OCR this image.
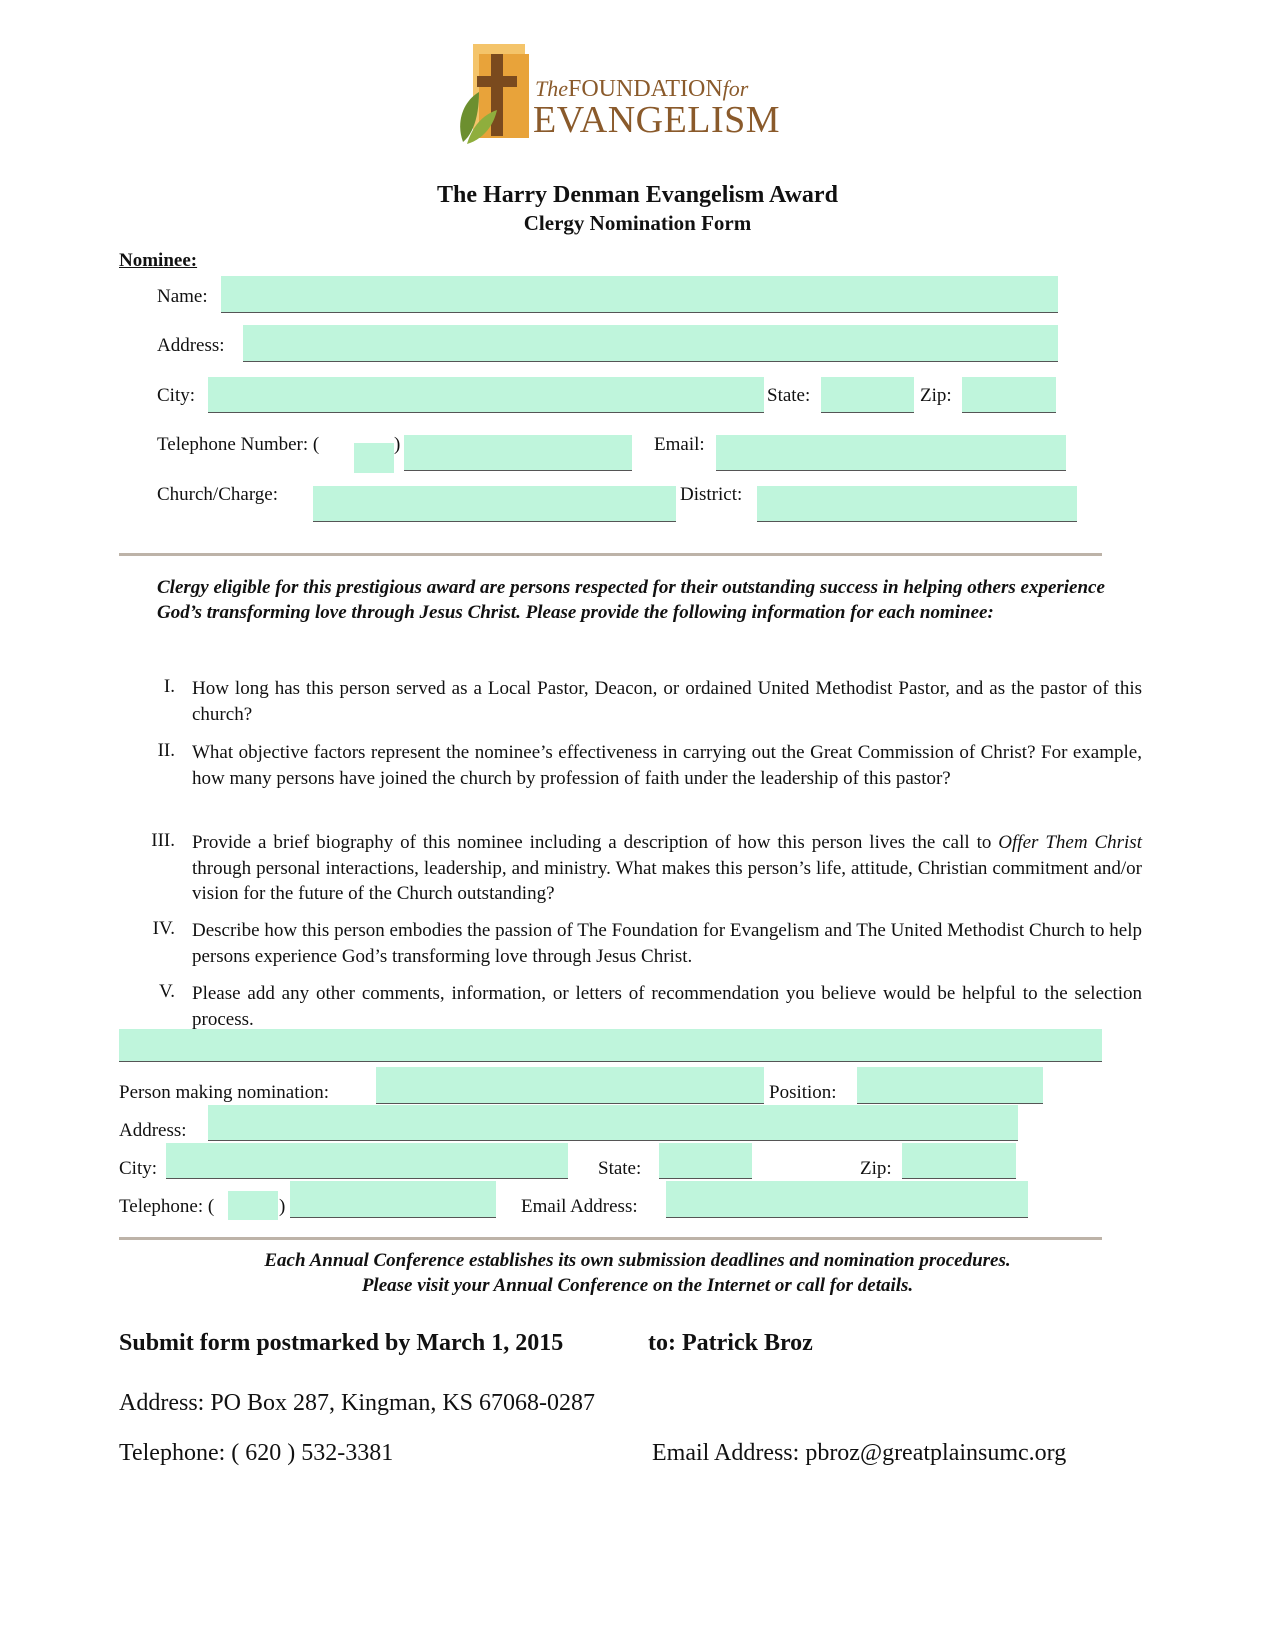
TheFOUNDATIONfor
EVANGELISM
The Harry Denman Evangelism Award
Clergy Nomination Form
Nominee:
Name:
Address:
City:	State:	Zip:
Telephone Number: (	)	Email:
Church/Charge:	District:
Clergy eligible for this prestigious award are persons respected for their outstanding success in helping others experience God’s transforming love through Jesus Christ. Please provide the following information for each nominee:
I. How long has this person served as a Local Pastor, Deacon, or ordained United Methodist Pastor, and as the pastor of this church?
II. What objective factors represent the nominee’s effectiveness in carrying out the Great Commission of Christ? For example, how many persons have joined the church by profession of faith under the leadership of this pastor?
III. Provide a brief biography of this nominee including a description of how this person lives the call to Offer Them Christ through personal interactions, leadership, and ministry. What makes this person’s life, attitude, Christian commitment and/or vision for the future of the Church outstanding?
IV. Describe how this person embodies the passion of The Foundation for Evangelism and The United Methodist Church to help persons experience God’s transforming love through Jesus Christ.
V. Please add any other comments, information, or letters of recommendation you believe would be helpful to the selection process.
Person making nomination:	Position:
Address:
City:	State:	Zip:
Telephone: (	)	Email Address:
Each Annual Conference establishes its own submission deadlines and nomination procedures.
Please visit your Annual Conference on the Internet or call for details.
Submit form postmarked by March 1, 2015	to: Patrick Broz
Address: PO Box 287, Kingman, KS 67068-0287
Telephone: ( 620 ) 532-3381	Email Address: pbroz@greatplainsumc.org
